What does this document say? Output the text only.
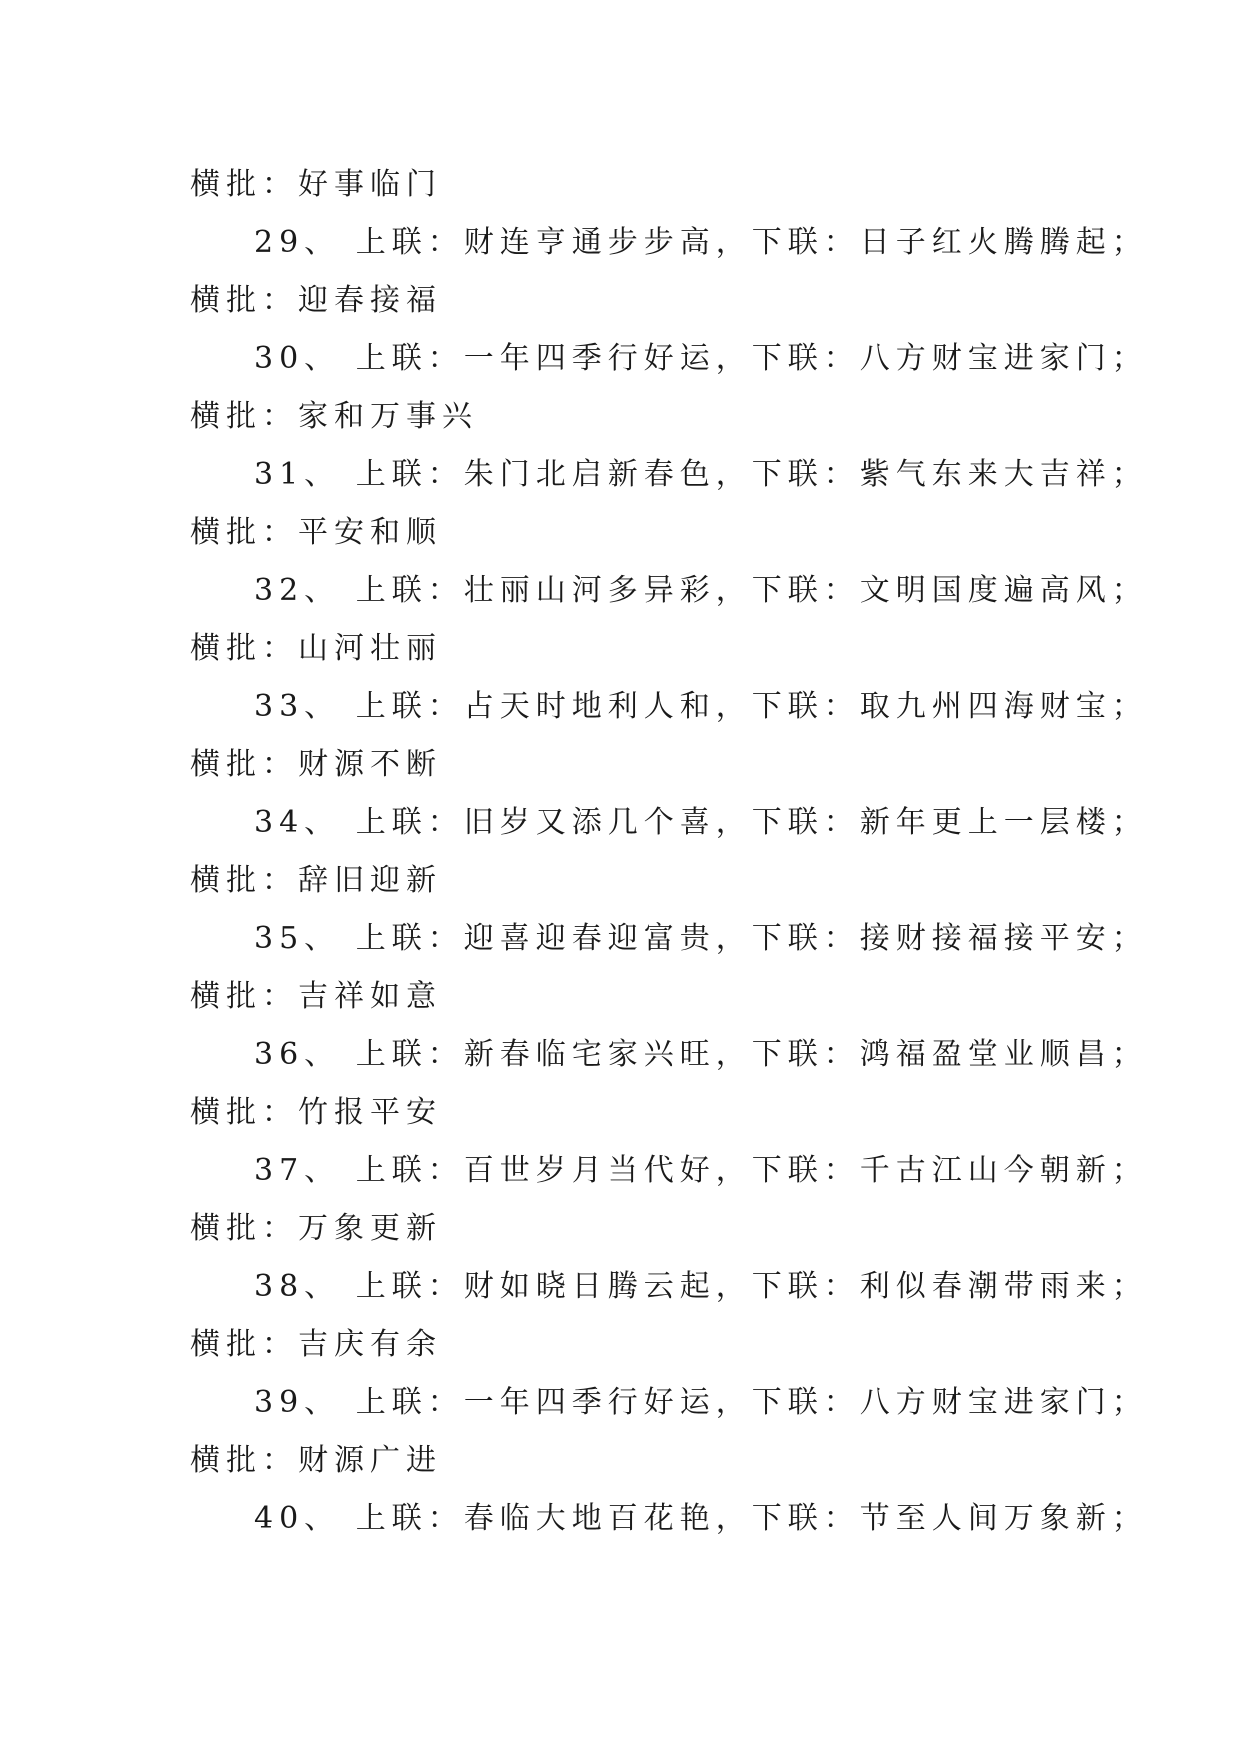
横批：好事临门
29、 上联：财连亨通步步高，下联：日子红火腾腾起；
横批：迎春接福
30、 上联：一年四季行好运，下联：八方财宝进家门；
横批：家和万事兴
31、 上联：朱门北启新春色，下联：紫气东来大吉祥；
横批：平安和顺
32、 上联：壮丽山河多异彩，下联：文明国度遍高风；
横批：山河壮丽
33、 上联：占天时地利人和，下联：取九州四海财宝；
横批：财源不断
34、 上联：旧岁又添几个喜，下联：新年更上一层楼；
横批：辞旧迎新
35、 上联：迎喜迎春迎富贵，下联：接财接福接平安；
横批：吉祥如意
36、 上联：新春临宅家兴旺，下联：鸿福盈堂业顺昌；
横批：竹报平安
37、 上联：百世岁月当代好，下联：千古江山今朝新；
横批：万象更新
38、 上联：财如晓日腾云起，下联：利似春潮带雨来；
横批：吉庆有余
39、 上联：一年四季行好运，下联：八方财宝进家门；
横批：财源广进
40、 上联：春临大地百花艳，下联：节至人间万象新；
